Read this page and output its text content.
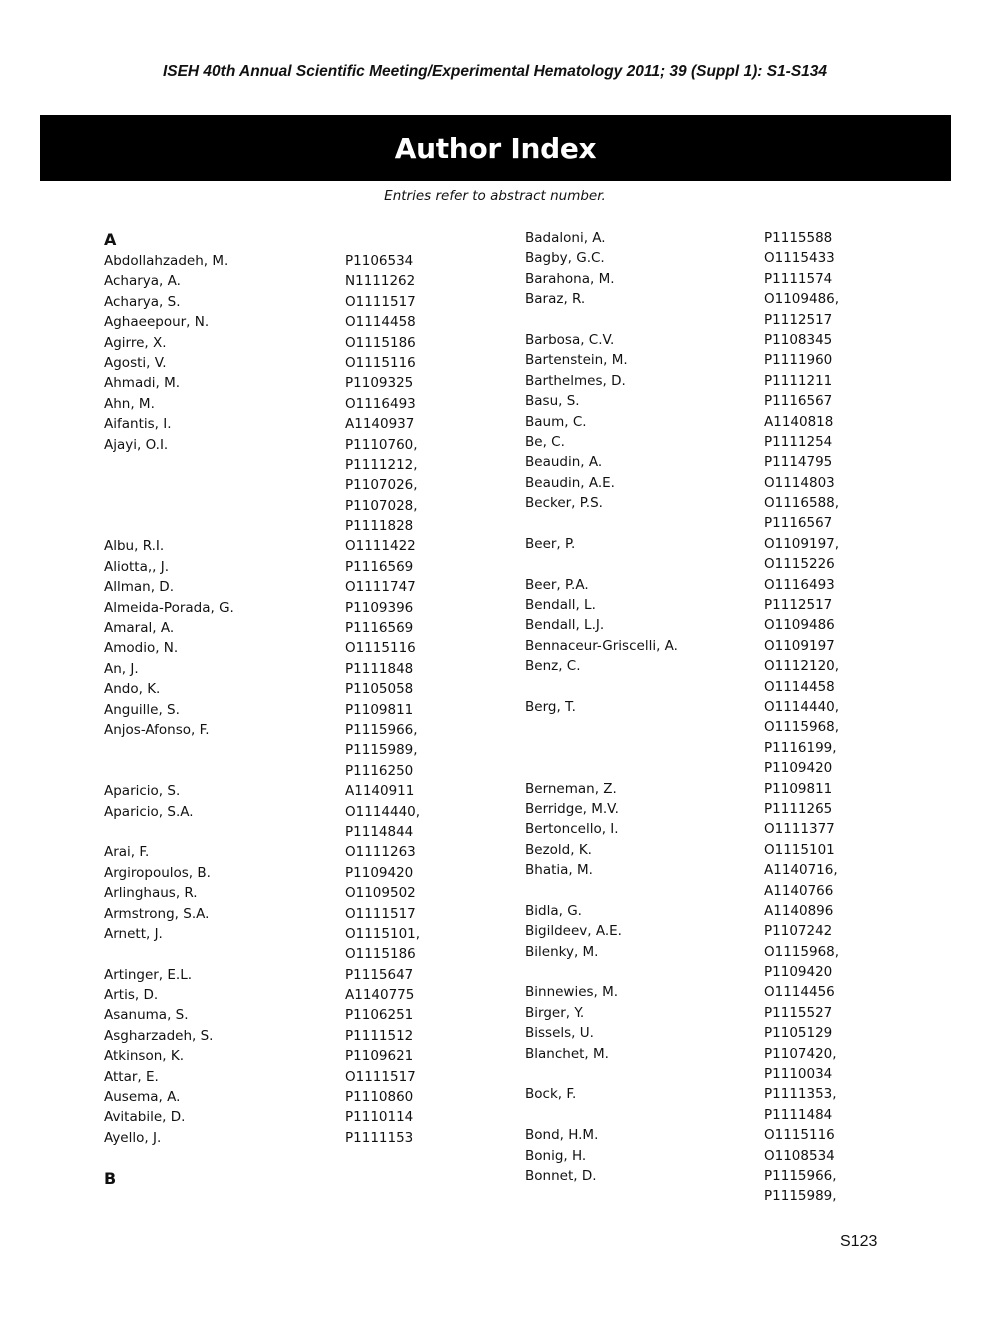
ISEH 40th Annual Scientific Meeting/Experimental Hematology 2011; 39 (Suppl 1): S1-S134
Author Index
Entries refer to abstract number.
A
Abdollahzadeh, M.	P1106534
Acharya, A.	N1111262
Acharya, S.	O1111517
Aghaeepour, N.	O1114458
Agirre, X.	O1115186
Agosti, V.	O1115116
Ahmadi, M.	P1109325
Ahn, M.	O1116493
Aifantis, I.	A1140937
Ajayi, O.I.	P1110760,
P1111212,
P1107026,
P1107028,
P1111828
Albu, R.I.	O1111422
Aliotta,, J.	P1116569
Allman, D.	O1111747
Almeida-Porada, G.	P1109396
Amaral, A.	P1116569
Amodio, N.	O1115116
An, J.	P1111848
Ando, K.	P1105058
Anguille, S.	P1109811
Anjos-Afonso, F.	P1115966,
P1115989,
P1116250
Aparicio, S.	A1140911
Aparicio, S.A.	O1114440,
P1114844
Arai, F.	O1111263
Argiropoulos, B.	P1109420
Arlinghaus, R.	O1109502
Armstrong, S.A.	O1111517
Arnett, J.	O1115101,
O1115186
Artinger, E.L.	P1115647
Artis, D.	A1140775
Asanuma, S.	P1106251
Asgharzadeh, S.	P1111512
Atkinson, K.	P1109621
Attar, E.	O1111517
Ausema, A.	P1110860
Avitabile, D.	P1110114
Ayello, J.	P1111153
B
Badaloni, A.	P1115588
Bagby, G.C.	O1115433
Barahona, M.	P1111574
Baraz, R.	O1109486,
P1112517
Barbosa, C.V.	P1108345
Bartenstein, M.	P1111960
Barthelmes, D.	P1111211
Basu, S.	P1116567
Baum, C.	A1140818
Be, C.	P1111254
Beaudin, A.	P1114795
Beaudin, A.E.	O1114803
Becker, P.S.	O1116588,
P1116567
Beer, P.	O1109197,
O1115226
Beer, P.A.	O1116493
Bendall, L.	P1112517
Bendall, L.J.	O1109486
Bennaceur-Griscelli, A.	O1109197
Benz, C.	O1112120,
O1114458
Berg, T.	O1114440,
O1115968,
P1116199,
P1109420
Berneman, Z.	P1109811
Berridge, M.V.	P1111265
Bertoncello, I.	O1111377
Bezold, K.	O1115101
Bhatia, M.	A1140716,
A1140766
Bidla, G.	A1140896
Bigildeev, A.E.	P1107242
Bilenky, M.	O1115968,
P1109420
Binnewies, M.	O1114456
Birger, Y.	P1115527
Bissels, U.	P1105129
Blanchet, M.	P1107420,
P1110034
Bock, F.	P1111353,
P1111484
Bond, H.M.	O1115116
Bonig, H.	O1108534
Bonnet, D.	P1115966,
P1115989,
S123
